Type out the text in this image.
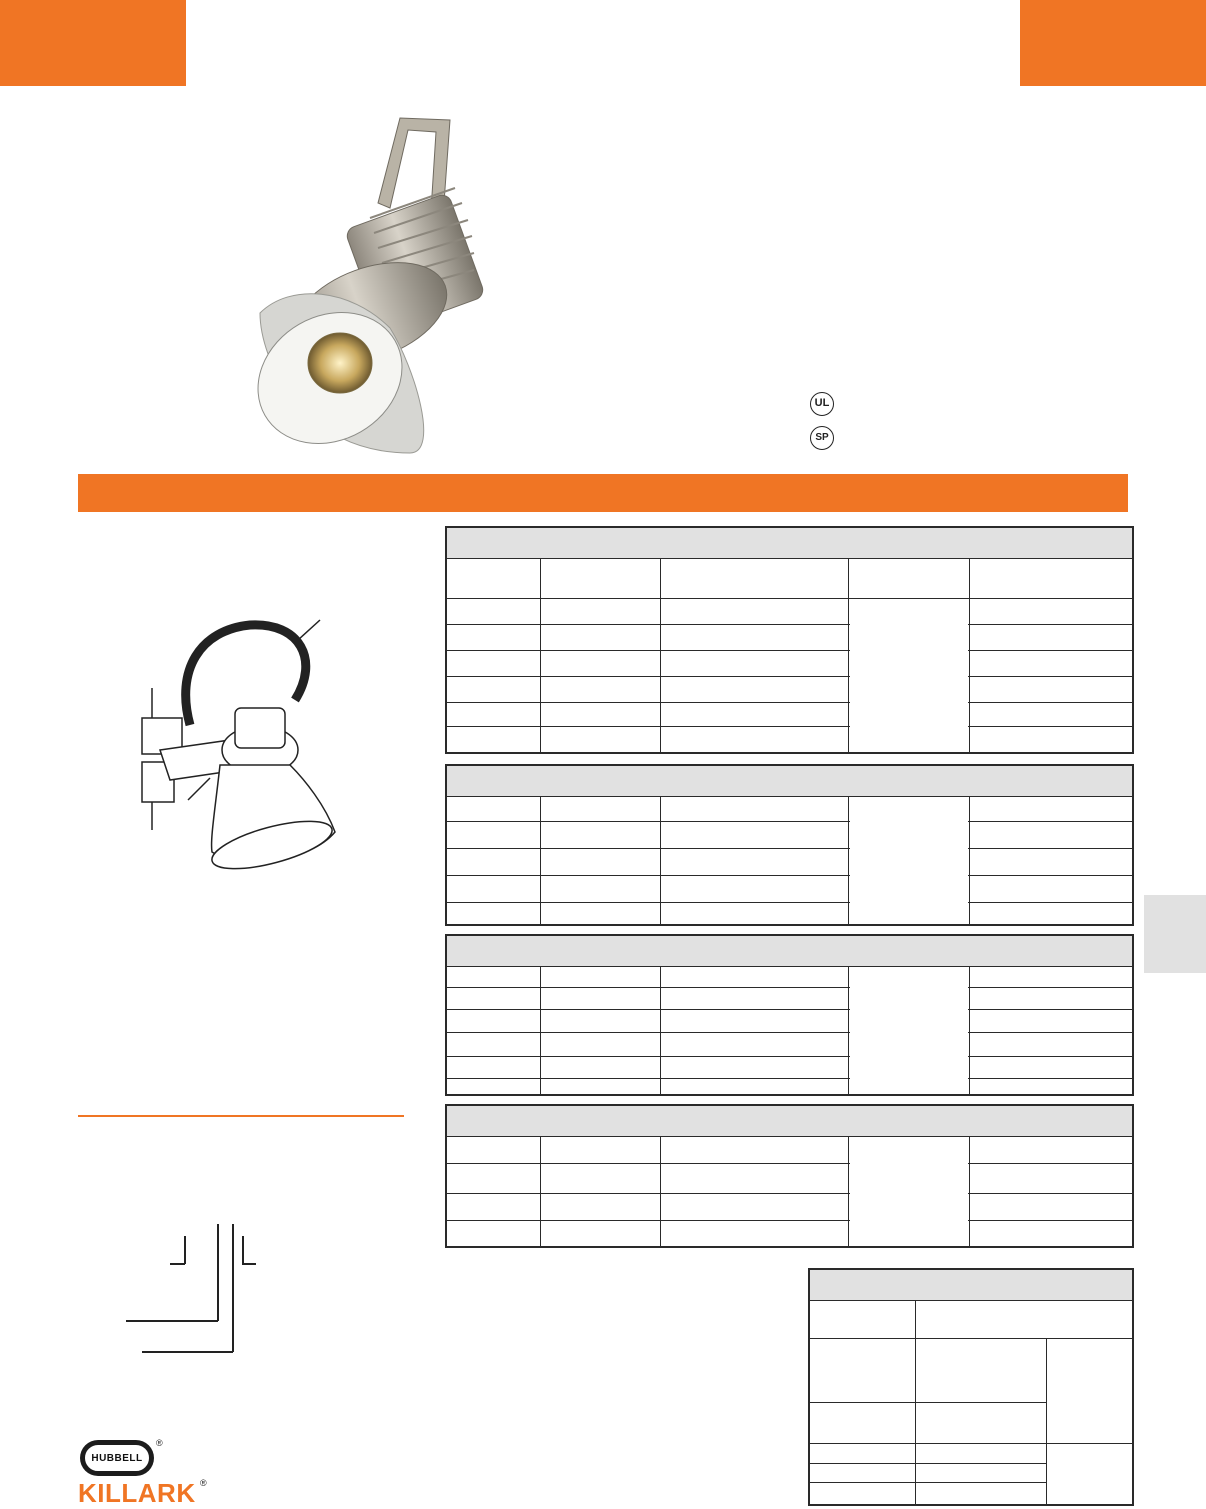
UL
SP
HUBBELL
®
KILLARK ®
